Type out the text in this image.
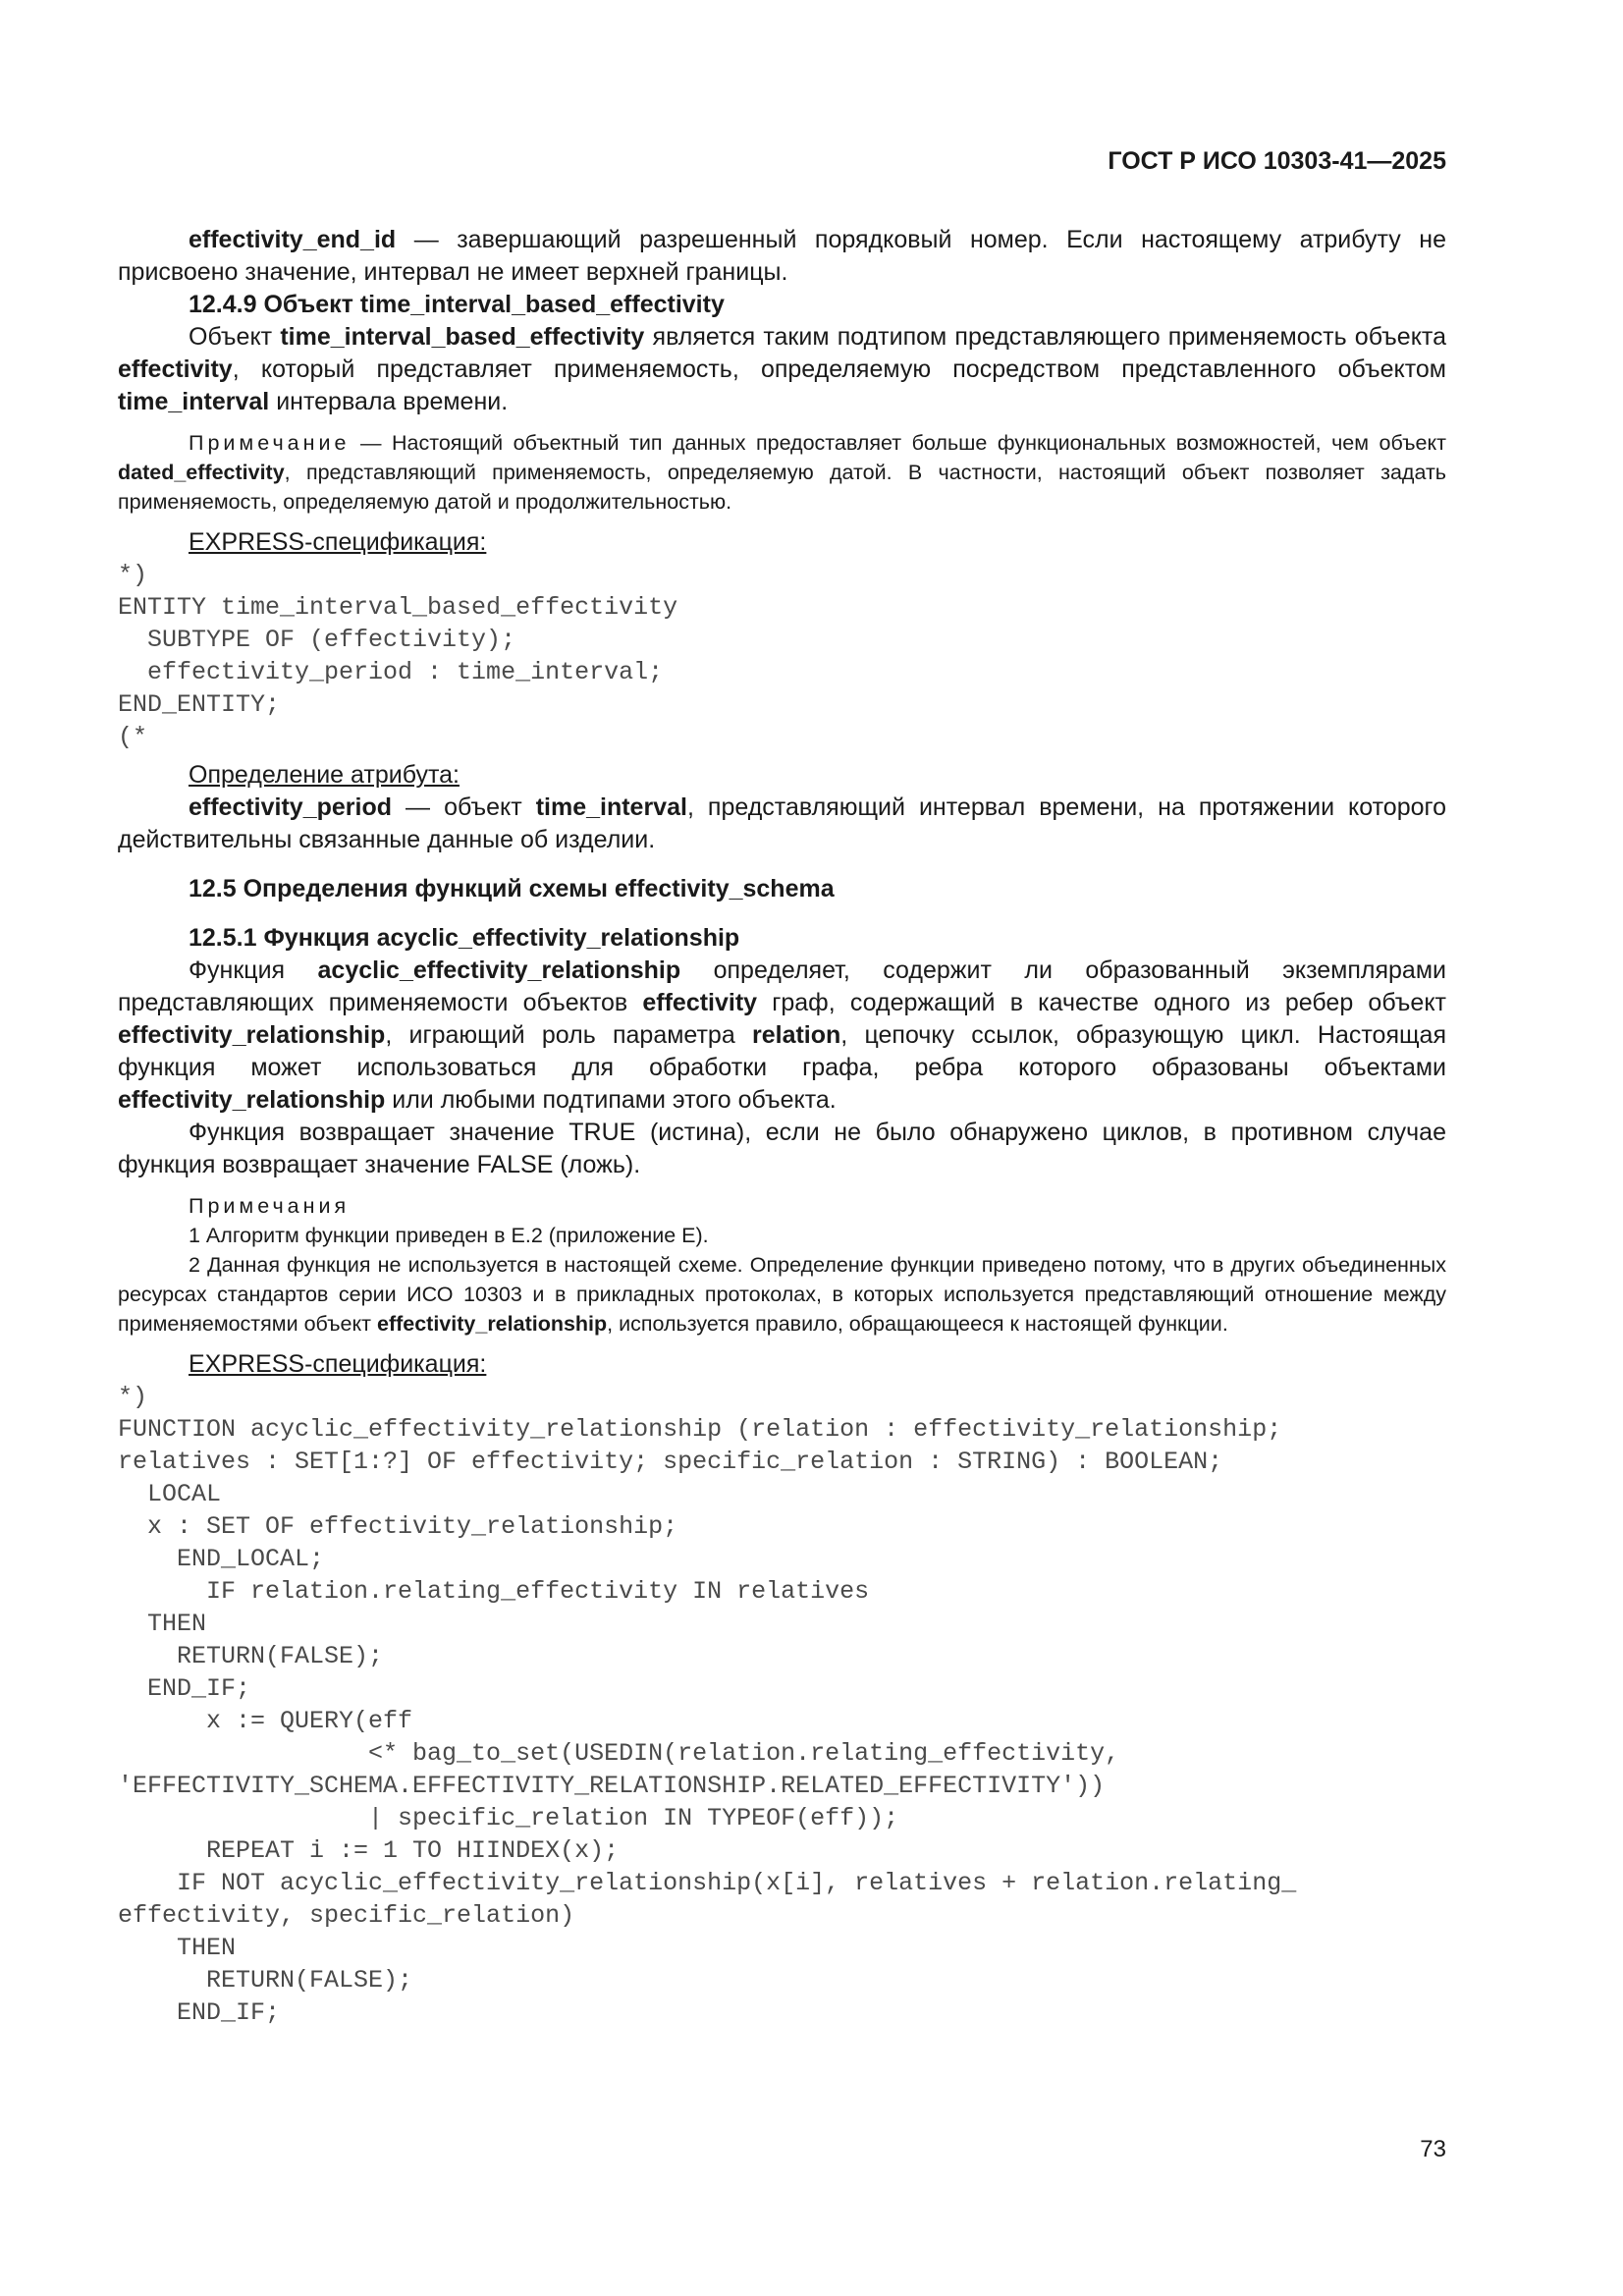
ГОСТ Р ИСО 10303-41—2025

effectivity_end_id — завершающий разрешенный порядковый номер. Если настоящему атрибуту не присвоено значение, интервал не имеет верхней границы.

12.4.9 Объект time_interval_based_effectivity

Объект time_interval_based_effectivity является таким подтипом представляющего применяемость объекта effectivity, который представляет применяемость, определяемую посредством представленного объектом time_interval интервала времени.

Примечание — Настоящий объектный тип данных предоставляет больше функциональных возможностей, чем объект dated_effectivity, представляющий применяемость, определяемую датой. В частности, настоящий объект позволяет задать применяемость, определяемую датой и продолжительностью.

EXPRESS-спецификация:

*)
ENTITY time_interval_based_effectivity
SUBTYPE OF (effectivity);
effectivity_period : time_interval;
END_ENTITY;
(*

Определение атрибута:

effectivity_period — объект time_interval, представляющий интервал времени, на протяжении которого действительны связанные данные об изделии.

12.5 Определения функций схемы effectivity_schema

12.5.1 Функция acyclic_effectivity_relationship

Функция acyclic_effectivity_relationship определяет, содержит ли образованный экземплярами представляющих применяемости объектов effectivity граф, содержащий в качестве одного из ребер объект effectivity_relationship, играющий роль параметра relation, цепочку ссылок, образующую цикл. Настоящая функция может использоваться для обработки графа, ребра которого образованы объектами effectivity_relationship или любыми подтипами этого объекта.

Функция возвращает значение TRUE (истина), если не было обнаружено циклов, в противном случае функция возвращает значение FALSE (ложь).

Примечания

1 Алгоритм функции приведен в Е.2 (приложение Е).

2 Данная функция не используется в настоящей схеме. Определение функции приведено потому, что в других объединенных ресурсах стандартов серии ИСО 10303 и в прикладных протоколах, в которых используется представляющий отношение между применяемостями объект effectivity_relationship, используется правило, обращающееся к настоящей функции.

EXPRESS-спецификация:

*)
FUNCTION acyclic_effectivity_relationship (relation : effectivity_relationship;
relatives : SET[1:?] OF effectivity; specific_relation : STRING) : BOOLEAN;
LOCAL
x : SET OF effectivity_relationship;
END_LOCAL;
IF relation.relating_effectivity IN relatives
THEN
RETURN(FALSE);
END_IF;
x := QUERY(eff
<* bag_to_set(USEDIN(relation.relating_effectivity,
'EFFECTIVITY_SCHEMA.EFFECTIVITY_RELATIONSHIP.RELATED_EFFECTIVITY'))
| specific_relation IN TYPEOF(eff));
REPEAT i := 1 TO HIINDEX(x);
IF NOT acyclic_effectivity_relationship(x[i], relatives + relation.relating_
effectivity, specific_relation)
THEN
RETURN(FALSE);
END_IF;
73
